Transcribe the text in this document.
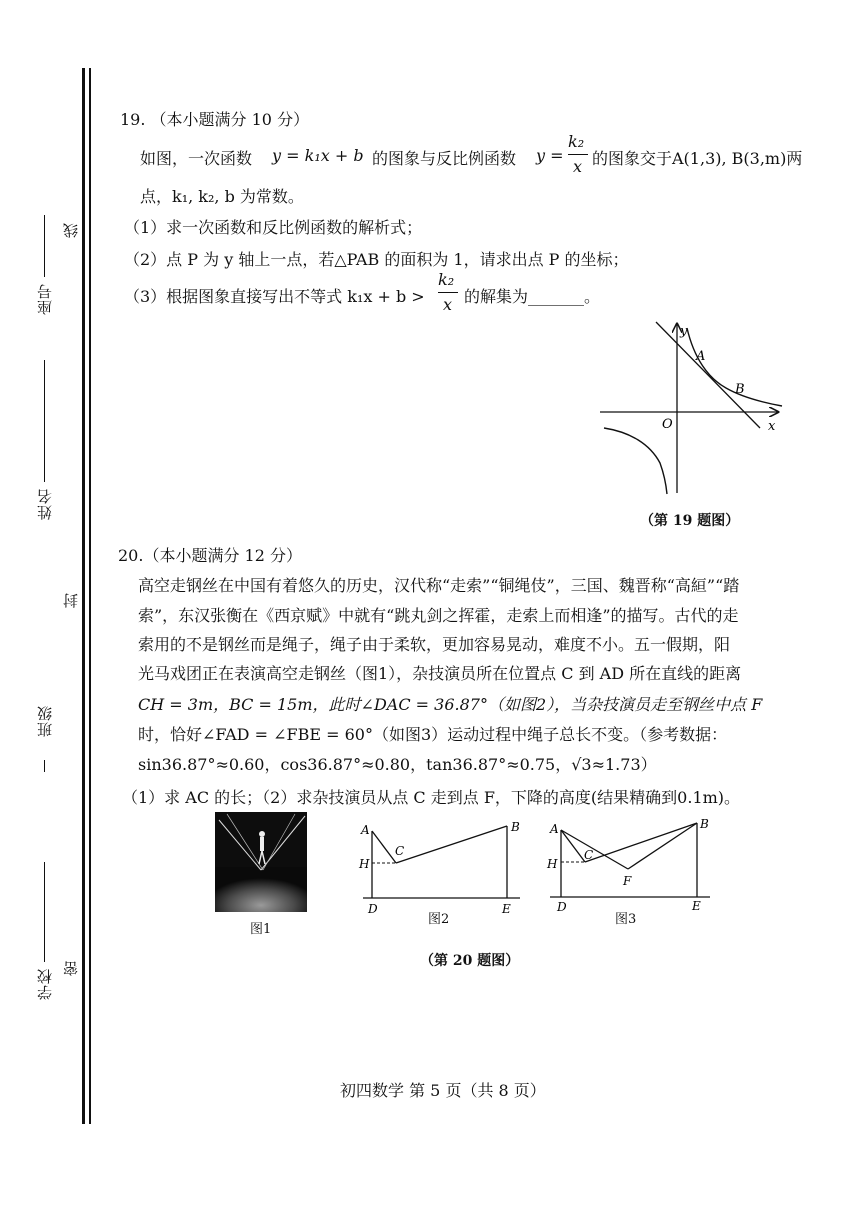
座号
线
姓名
封
班级
学校 密
19. （本小题满分 10 分）
如图，一次函数 y = k₁x + b 的图象与反比例函数 y =
k₂
x 的图象交于A(1,3), B(3,m)两
点，k₁, k₂, b 为常数。
（1）求一次函数和反比例函数的解析式；
（2）点 P 为 y 轴上一点，若△PAB 的面积为 1，请求出点 P 的坐标；
（3）根据图象直接写出不等式 k₁x + b >
k₂
x 的解集为_______。
y
x
O
A
B
（第 19 题图）
20.（本小题满分 12 分）
高空走钢丝在中国有着悠久的历史，汉代称“走索”“铜绳伎”，三国、魏晋称“高絙”“踏
索”，东汉张衡在《西京赋》中就有“跳丸剑之挥霍，走索上而相逢”的描写。古代的走
索用的不是钢丝而是绳子，绳子由于柔软，更加容易晃动，难度不小。五一假期，阳
光马戏团正在表演高空走钢丝（图1），杂技演员所在位置点 C 到 AD 所在直线的距离
CH = 3m，BC = 15m，此时∠DAC = 36.87°（如图2），当杂技演员走至钢丝中点 F
时，恰好∠FAD = ∠FBE = 60°（如图3）运动过程中绳子总长不变。（参考数据：
sin36.87°≈0.60，cos36.87°≈0.80，tan36.87°≈0.75，√3≈1.73）
（1）求 AC 的长；（2）求杂技演员从点 C 走到点 F，下降的高度(结果精确到0.1m)。
图1
A	B
C
H
D	E
图2
A	B
C
H
F
D	E
图3
（第 20 题图）
初四数学 第 5 页（共 8 页）
